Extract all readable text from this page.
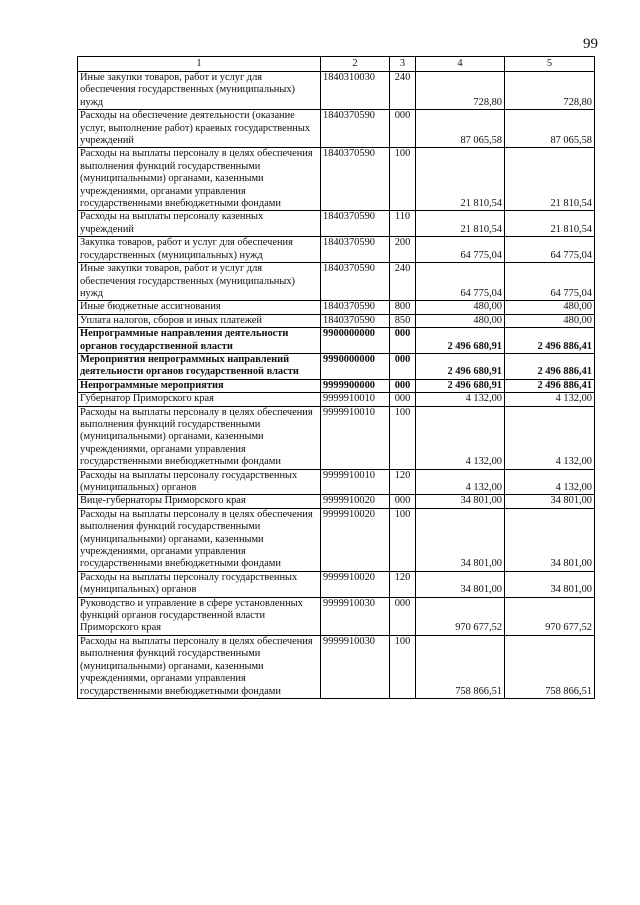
99
1	2	3	4	5
Иные закупки товаров, работ и услуг для обеспечения государственных (муниципальных) нужд	1840310030	240	728,80	728,80
Расходы на обеспечение деятельности (оказание услуг, выполнение работ) краевых государственных учреждений	1840370590	000	87 065,58	87 065,58
Расходы на выплаты персоналу в целях обеспечения выполнения функций государственными (муниципальными) органами, казенными учреждениями, органами управления государственными внебюджетными фондами	1840370590	100	21 810,54	21 810,54
Расходы на выплаты персоналу казенных учреждений	1840370590	110	21 810,54	21 810,54
Закупка товаров, работ и услуг для обеспечения государственных (муниципальных) нужд	1840370590	200	64 775,04	64 775,04
Иные закупки товаров, работ и услуг для обеспечения государственных (муниципальных) нужд	1840370590	240	64 775,04	64 775,04
Иные бюджетные ассигнования	1840370590	800	480,00	480,00
Уплата налогов, сборов и иных платежей	1840370590	850	480,00	480,00
Непрограммные направления деятельности органов государственной власти	9900000000	000	2 496 680,91	2 496 886,41
Мероприятия непрограммных направлений деятельности органов государственной власти	9990000000	000	2 496 680,91	2 496 886,41
Непрограммные мероприятия	9999900000	000	2 496 680,91	2 496 886,41
Губернатор Приморского края	9999910010	000	4 132,00	4 132,00
Расходы на выплаты персоналу в целях обеспечения выполнения функций государственными (муниципальными) органами, казенными учреждениями, органами управления государственными внебюджетными фондами	9999910010	100	4 132,00	4 132,00
Расходы на выплаты персоналу государственных (муниципальных) органов	9999910010	120	4 132,00	4 132,00
Вице-губернаторы Приморского края	9999910020	000	34 801,00	34 801,00
Расходы на выплаты персоналу в целях обеспечения выполнения функций государственными (муниципальными) органами, казенными учреждениями, органами управления государственными внебюджетными фондами	9999910020	100	34 801,00	34 801,00
Расходы на выплаты персоналу государственных (муниципальных) органов	9999910020	120	34 801,00	34 801,00
Руководство и управление в сфере установленных функций органов государственной власти Приморского края	9999910030	000	970 677,52	970 677,52
Расходы на выплаты персоналу в целях обеспечения выполнения функций государственными (муниципальными) органами, казенными учреждениями, органами управления государственными внебюджетными фондами	9999910030	100	758 866,51	758 866,51
